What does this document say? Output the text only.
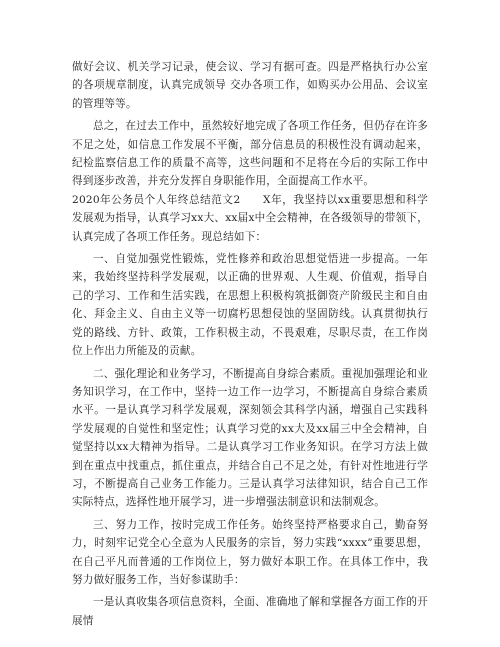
做好会议、机关学习记录，使会议、学习有据可查。四是严格执行办公室的各项规章制度，认真完成领导 交办各项工作，如购买办公用品、会议室的管理等等。

总之，在过去工作中，虽然较好地完成了各项工作任务，但仍存在许多不足之处，如信息工作发展不平衡，部分信息员的积极性没有调动起来，纪检监察信息工作的质量不高等，这些问题和不足将在今后的实际工作中得到逐步改善，并充分发挥自身职能作用，全面提高工作水平。

2020年公务员个人年终总结范文2　　X年，我坚持以xx重要思想和科学发展观为指导，认真学习xx大、xx届x中全会精神，在各级领导的带领下，认真完成了各项工作任务。现总结如下：

一、自觉加强党性锻炼，党性修养和政治思想觉悟进一步提高。一年来，我始终坚持科学发展观，以正确的世界观、人生观、价值观，指导自己的学习、工作和生活实践，在思想上积极构筑抵御资产阶级民主和自由化、拜金主义、自由主义等一切腐朽思想侵蚀的坚固防线。认真贯彻执行党的路线、方针、政策，工作积极主动，不畏艰难，尽职尽责，在工作岗位上作出力所能及的贡献。

二、强化理论和业务学习，不断提高自身综合素质。重视加强理论和业务知识学习，在工作中，坚持一边工作一边学习，不断提高自身综合素质水平。一是认真学习科学发展观，深刻领会其科学内涵，增强自己实践科学发展观的自觉性和坚定性；认真学习党的xx大及xx届三中全会精神，自觉坚持以xx大精神为指导。二是认真学习工作业务知识。在学习方法上做到在重点中找重点，抓住重点，并结合自己不足之处，有针对性地进行学习，不断提高自己业务工作能力。三是认真学习法律知识，结合自己工作实际特点，选择性地开展学习，进一步增强法制意识和法制观念。

三、努力工作，按时完成工作任务。始终坚持严格要求自己，勤奋努力，时刻牢记党全心全意为人民服务的宗旨，努力实践“xxxx”重要思想，在自己平凡而普通的工作岗位上，努力做好本职工作。在具体工作中，我努力做好服务工作，当好参谋助手：

一是认真收集各项信息资料，全面、准确地了解和掌握各方面工作的开展情
